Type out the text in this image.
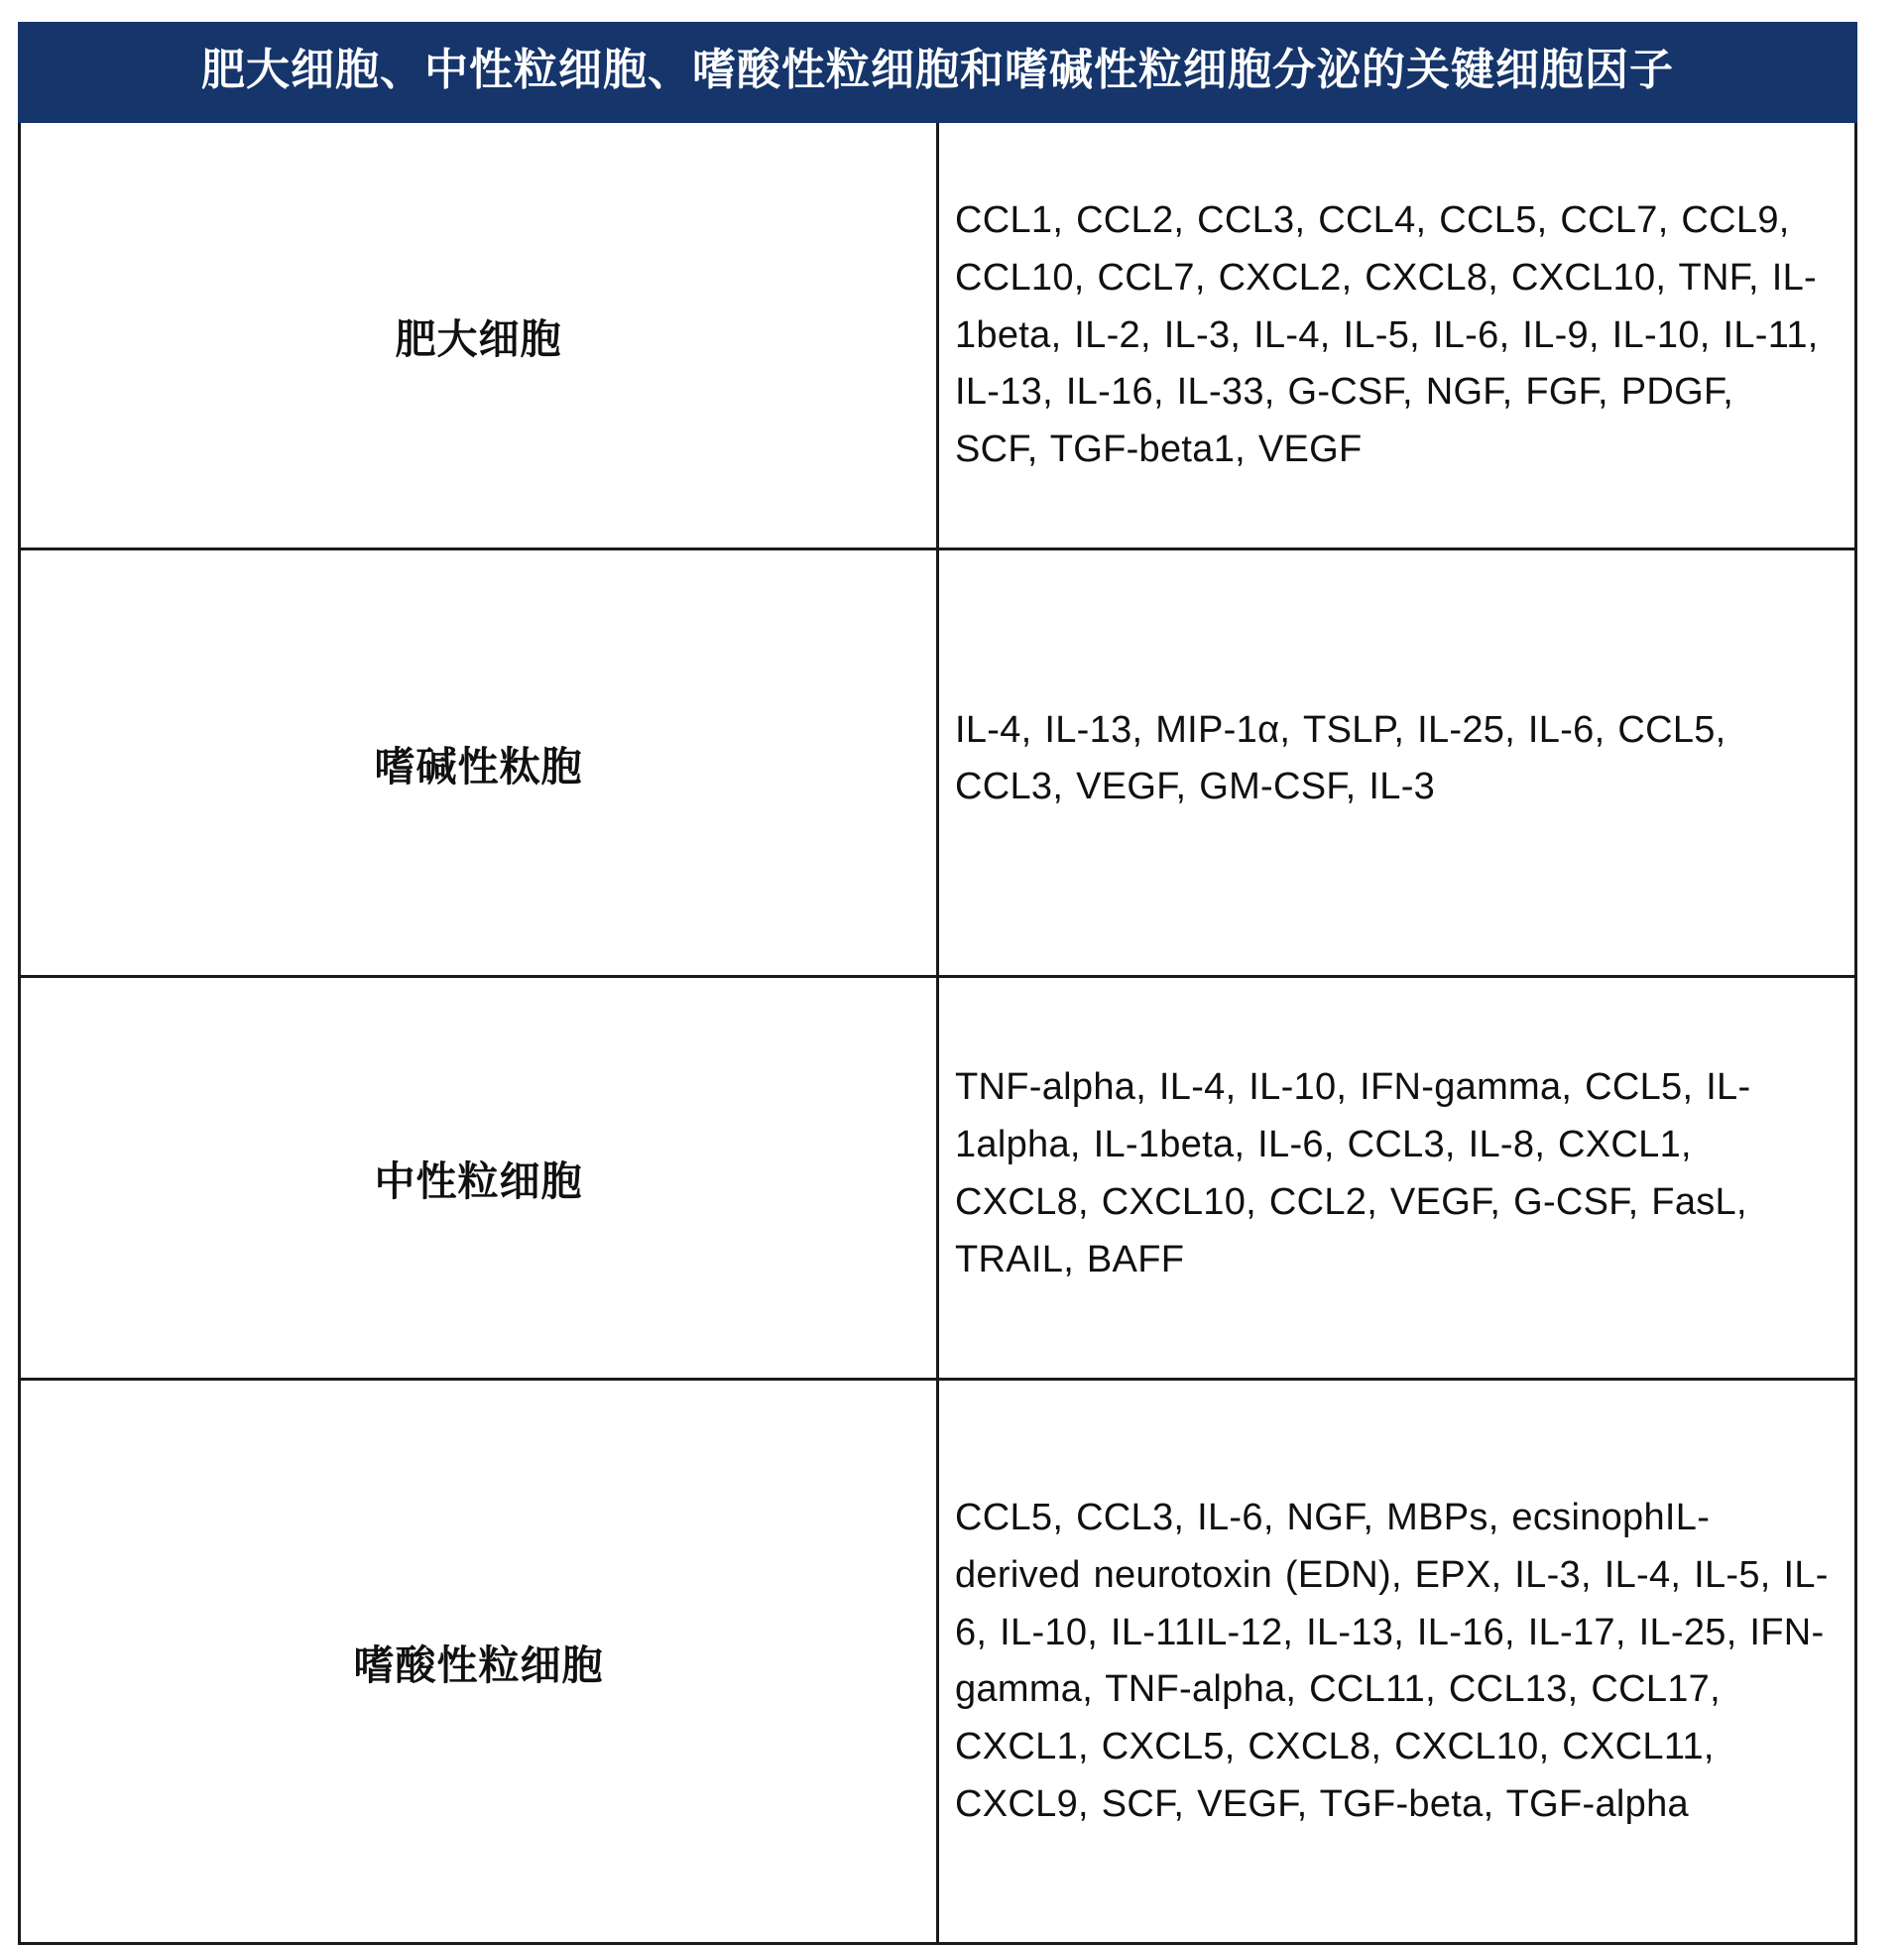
肥大细胞、中性粒细胞、嗜酸性粒细胞和嗜碱性粒细胞分泌的关键细胞因子	
肥大细胞	CCL1, CCL2, CCL3, CCL4, CCL5, CCL7, CCL9, CCL10, CCL7, CXCL2, CXCL8, CXCL10, TNF, IL-1beta, IL-2, IL-3, IL-4, IL-5, IL-6, IL-9, IL-10, IL-11, IL-13, IL-16, IL-33, G-CSF, NGF, FGF, PDGF, SCF, TGF-beta1, VEGF
嗜碱性粏胞	IL-4, IL-13, MIP-1α, TSLP, IL-25, IL-6, CCL5, CCL3, VEGF, GM-CSF, IL-3
中性粒细胞	TNF-alpha, IL-4, IL-10, IFN-gamma, CCL5, IL-1alpha, IL-1beta, IL-6, CCL3, IL-8, CXCL1, CXCL8, CXCL10, CCL2, VEGF, G-CSF, FasL, TRAIL, BAFF
嗜酸性粒细胞	CCL5, CCL3, IL-6, NGF, MBPs, ecsinophIL-derived neurotoxin (EDN), EPX, IL-3, IL-4, IL-5, IL-6, IL-10, IL-11IL-12, IL-13, IL-16, IL-17, IL-25, IFN-gamma, TNF-alpha, CCL11, CCL13, CCL17, CXCL1, CXCL5, CXCL8, CXCL10, CXCL11, CXCL9, SCF, VEGF, TGF-beta, TGF-alpha
